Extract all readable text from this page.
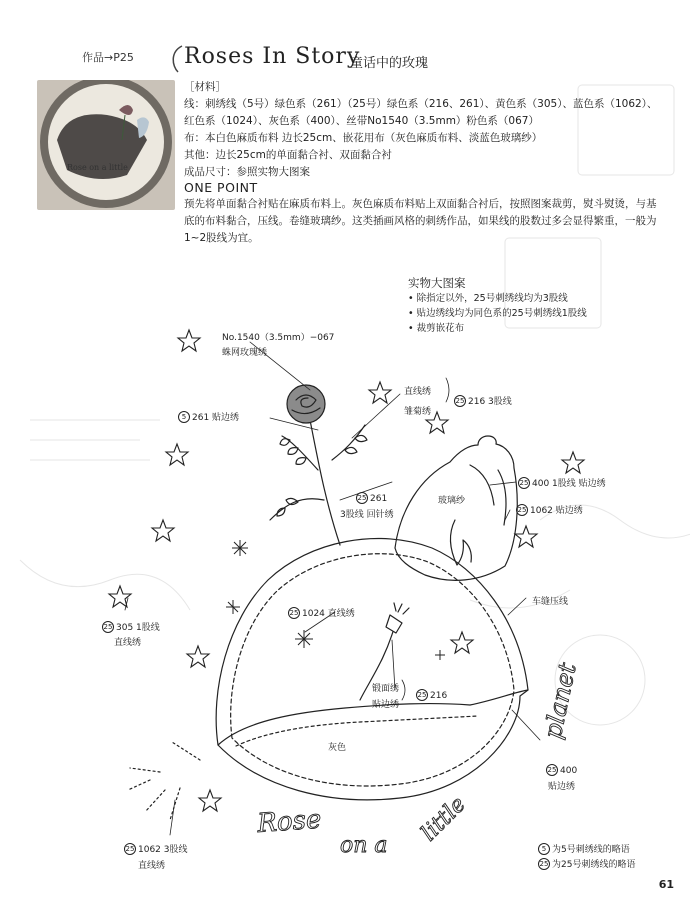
作品→P25 Roses In Story
童话中的玫瑰
Rose on a little

［材料］

线：刺绣线（5号）绿色系（261）（25号）绿色系（216、261）、黄色系（305）、蓝色系（1062）、

红色系（1024）、灰色系（400）、丝带No1540（3.5mm）粉色系（067）

布：本白色麻质布料 边长25cm、嵌花用布（灰色麻质布料、淡蓝色玻璃纱）

其他：边长25cm的单面黏合衬、双面黏合衬

成品尺寸：参照实物大图案

ONE POINT
预先将单面黏合衬贴在麻质布料上。灰色麻质布料贴上双面黏合衬后，按照图案裁剪，熨斗熨烫，与基
底的布料黏合，压线。卷缝玻璃纱。这类插画风格的刺绣作品，如果线的股数过多会显得繁重，一般为
1~2股线为宜。
实物大图案
• 除指定以外，25号刺绣线均为3股线
• 贴边绣线均为同色系的25号刺绣线1股线
• 裁剪嵌花布
Rose
on a little
planet
No.1540（3.5mm）−067
蛛网玫瑰绣
5 261 贴边绣
直线绣
雏菊绣
25 216 3股线
25 261
3股线 回针绣
玻璃纱
25 400 1股线 贴边绣
25 1062 贴边绣
车缝压线
25 1024 直线绣
25 305 1股线
直线绣
锻面绣
贴边绣
25 216
灰色
25 400
贴边绣
25 1062 3股线
直线绣
5 为5号刺绣线的略语
25 为25号刺绣线的略语
61
